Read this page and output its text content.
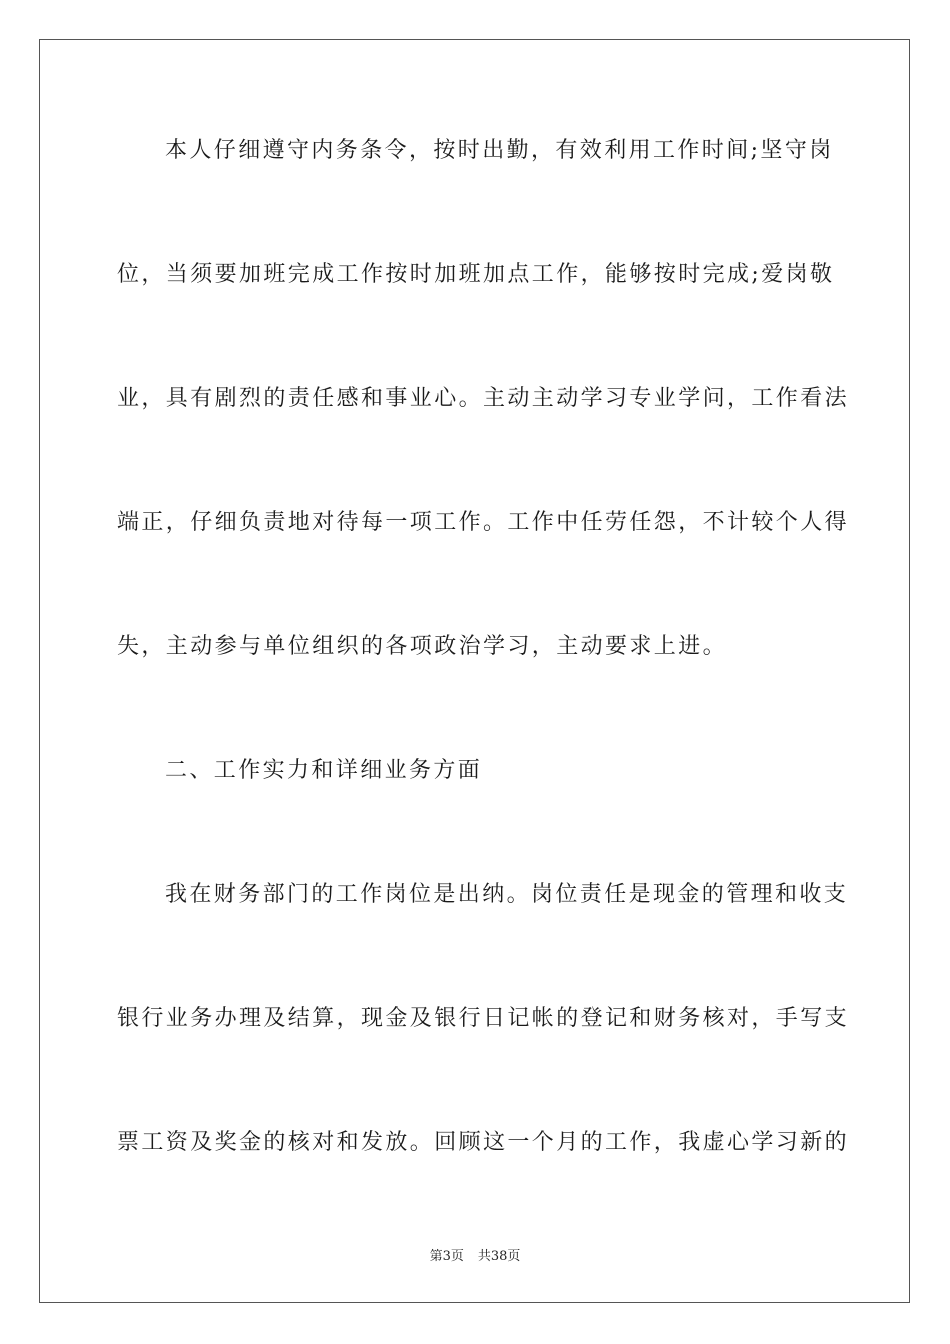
本人仔细遵守内务条令，按时出勤，有效利用工作时间;坚守岗
位，当须要加班完成工作按时加班加点工作，能够按时完成;爱岗敬
业，具有剧烈的责任感和事业心。主动主动学习专业学问，工作看法
端正，仔细负责地对待每一项工作。工作中任劳任怨，不计较个人得
失，主动参与单位组织的各项政治学习，主动要求上进。
二、工作实力和详细业务方面
我在财务部门的工作岗位是出纳。岗位责任是现金的管理和收支
银行业务办理及结算，现金及银行日记帐的登记和财务核对，手写支
票工资及奖金的核对和发放。回顾这一个月的工作，我虚心学习新的
第3页 共38页
